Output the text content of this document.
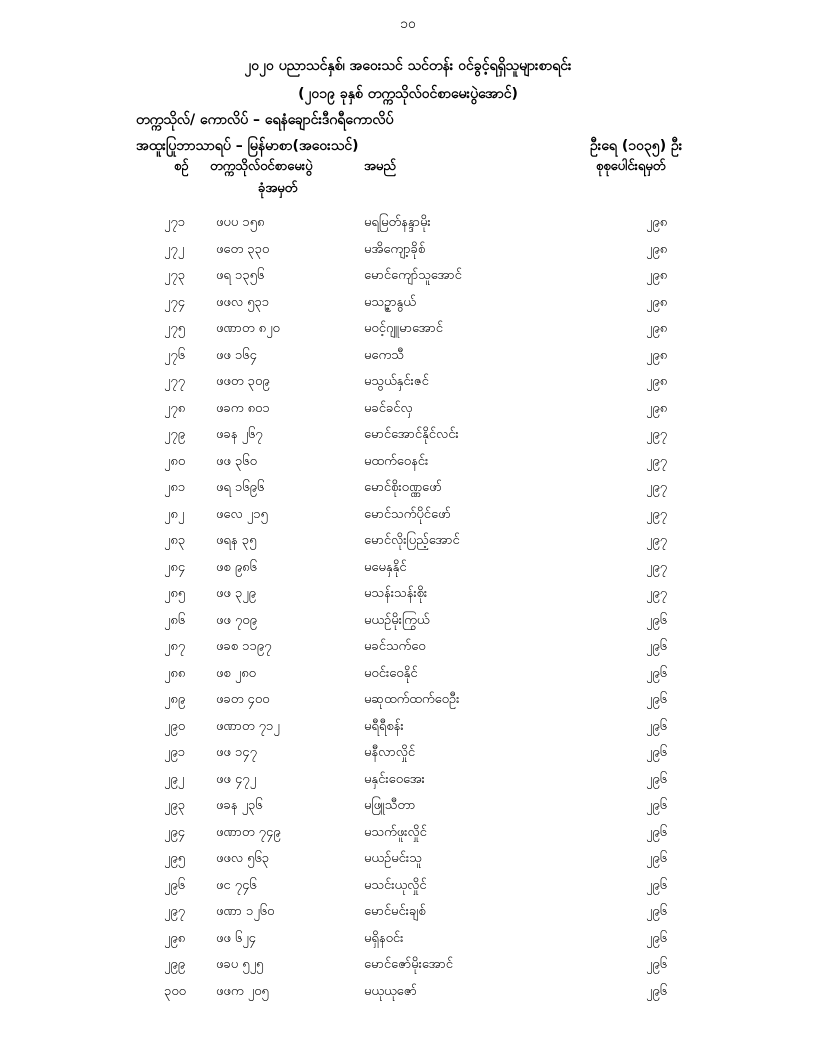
၁၀
၂၀၂၀ ပညာသင်နှစ်၊ အဝေးသင် သင်တန်း ဝင်ခွင့်ရရှိသူများစာရင်း
(၂၀၁၉ ခုနှစ် တက္ကသိုလ်ဝင်စာမေးပွဲအောင်)
တက္ကသိုလ်/ ကောလိပ် – ရေနံချောင်းဒီဂရီကောလိပ်
အထူးပြုဘာသာရပ် – မြန်မာစာ(အဝေးသင်)	ဦးရေ (၁၀၃၅) ဦး
စဉ် တက္ကသိုလ်ဝင်စာမေးပွဲ
ခုံအမှတ်
အမည်	စုစုပေါင်းရမှတ်
၂၇၁ ဖပပ ၁၅၈	မရမြတ်နန္ဒာမိုး	၂၉၈
၂၇၂ ဖတေ ၃၃၀	မအိကျော့ခိုစ်	၂၉၈
၂၇၃ ဖရ ၁၃၅၆	မောင်ကျော်သူအောင်	၂၉၈
၂၇၄ ဖဖလ ၅၃၁	မသဉ္ဇာနွယ်	၂၉၈
၂၇၅ ဖဏာတ ၈၂၀	မဝင့်ဂျူမာအောင်	၂၉၈
၂၇၆ ဖဖ ၁၆၄	မကေသီ	၂၉၈
၂၇၇ ဖဖတ ၃၀၉	မသွယ်နှင်းဇင်	၂၉၈
၂၇၈ ဖခက ၈၀၁	မခင်ခင်လှ	၂၉၈
၂၇၉ ဖခန ၂၆၇	မောင်အောင်နိုင်လင်း	၂၉၇
၂၈၀ ဖဖ ၃၆၀	မထက်ဝေနင်း	၂၉၇
၂၈၁ ဖရ ၁၆၉၆	မောင်စိုးဝဏ္ဏဖော်	၂၉၇
၂၈၂ ဖလေ ၂၁၅	မောင်သက်ပိုင်ဖော်	၂၉၇
၂၈၃ ဖရန ၃၅	မောင်လိုးပြည့်အောင်	၂၉၇
၂၈၄ ဖစ ၉၈၆	မမေနှနိုင်	၂၉၇
၂၈၅ ဖဖ ၃၂၉	မသန်းသန်းစိုး	၂၉၇
၂၈၆ ဖဖ ၇၀၉	မယဉ်မိုးကြွယ်	၂၉၆
၂၈၇ ဖခစ ၁၁၉၇	မခင်သက်ဝေ	၂၉၆
၂၈၈ ဖစ ၂၈၀	မဝင်းဝေနိုင်	၂၉၆
၂၈၉ ဖခတ ၄၀၀	မဆုထက်ထက်ဝေဦး	၂၉၆
၂၉၀ ဖဏာတ ၇၁၂	မရီရီစန်း	၂၉၆
၂၉၁ ဖဖ ၁၄၇	မနီလာလှိုင်	၂၉၆
၂၉၂ ဖဖ ၄၇၂	မနှင်းဝေအေး	၂၉၆
၂၉၃ ဖခန ၂၃၆	မဖြူသီတာ	၂၉၆
၂၉၄ ဖဏာတ ၇၄၉	မသက်ဖူးလှိုင်	၂၉၆
၂၉၅ ဖဖလ ၅၆၃	မယဉ်မင်းသူ	၂၉၆
၂၉၆ ဖင ၇၄၆	မသင်းယုလှိုင်	၂၉၆
၂၉၇ ဖဏာ ၁၂၆၀	မောင်မင်းချစ်	၂၉၆
၂၉၈ ဖဖ ၆၂၄	မရှိနဝင်း	၂၉၆
၂၉၉ ဖခပ ၅၂၅	မောင်ဇော်မိုးအောင်	၂၉၆
၃၀၀ ဖဖက ၂၀၅	မယုယုဇော်	၂၉၆
